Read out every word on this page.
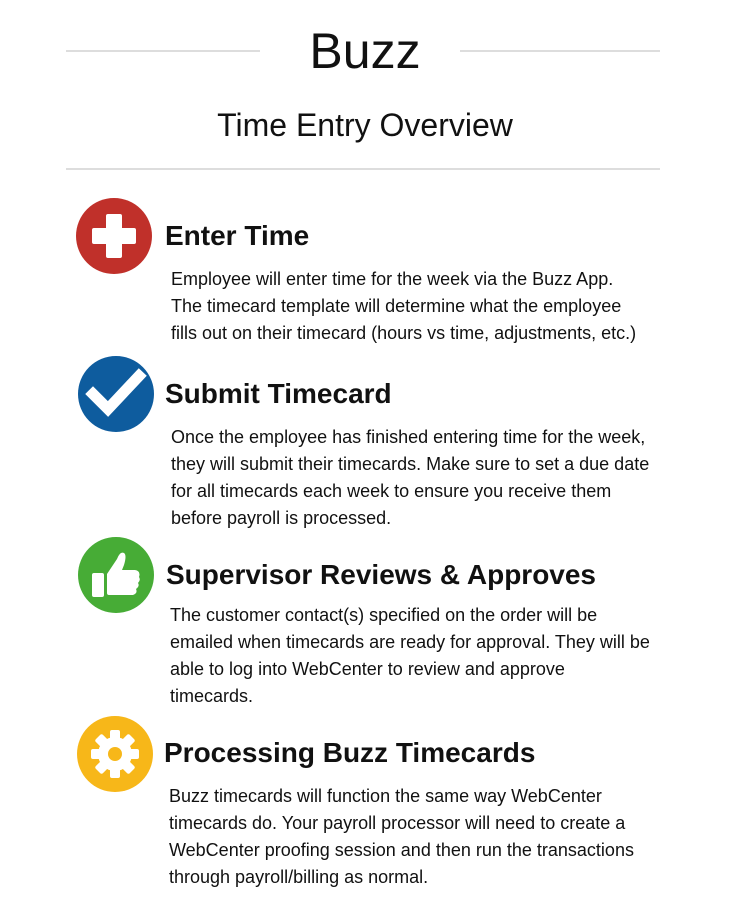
Buzz
Time Entry Overview
Enter Time
Employee will enter time for the week via the Buzz App.
The timecard template will determine what the employee
fills out on their timecard (hours vs time, adjustments, etc.)
Submit Timecard
Once the employee has finished entering time for the week,
they will submit their timecards. Make sure to set a due date
for all timecards each week to ensure you receive them
before payroll is processed.
Supervisor Reviews & Approves
The customer contact(s) specified on the order will be
emailed when timecards are ready for approval. They will be
able to log into WebCenter to review and approve
timecards.
Processing Buzz Timecards
Buzz timecards will function the same way WebCenter
timecards do. Your payroll processor will need to create a
WebCenter proofing session and then run the transactions
through payroll/billing as normal.
